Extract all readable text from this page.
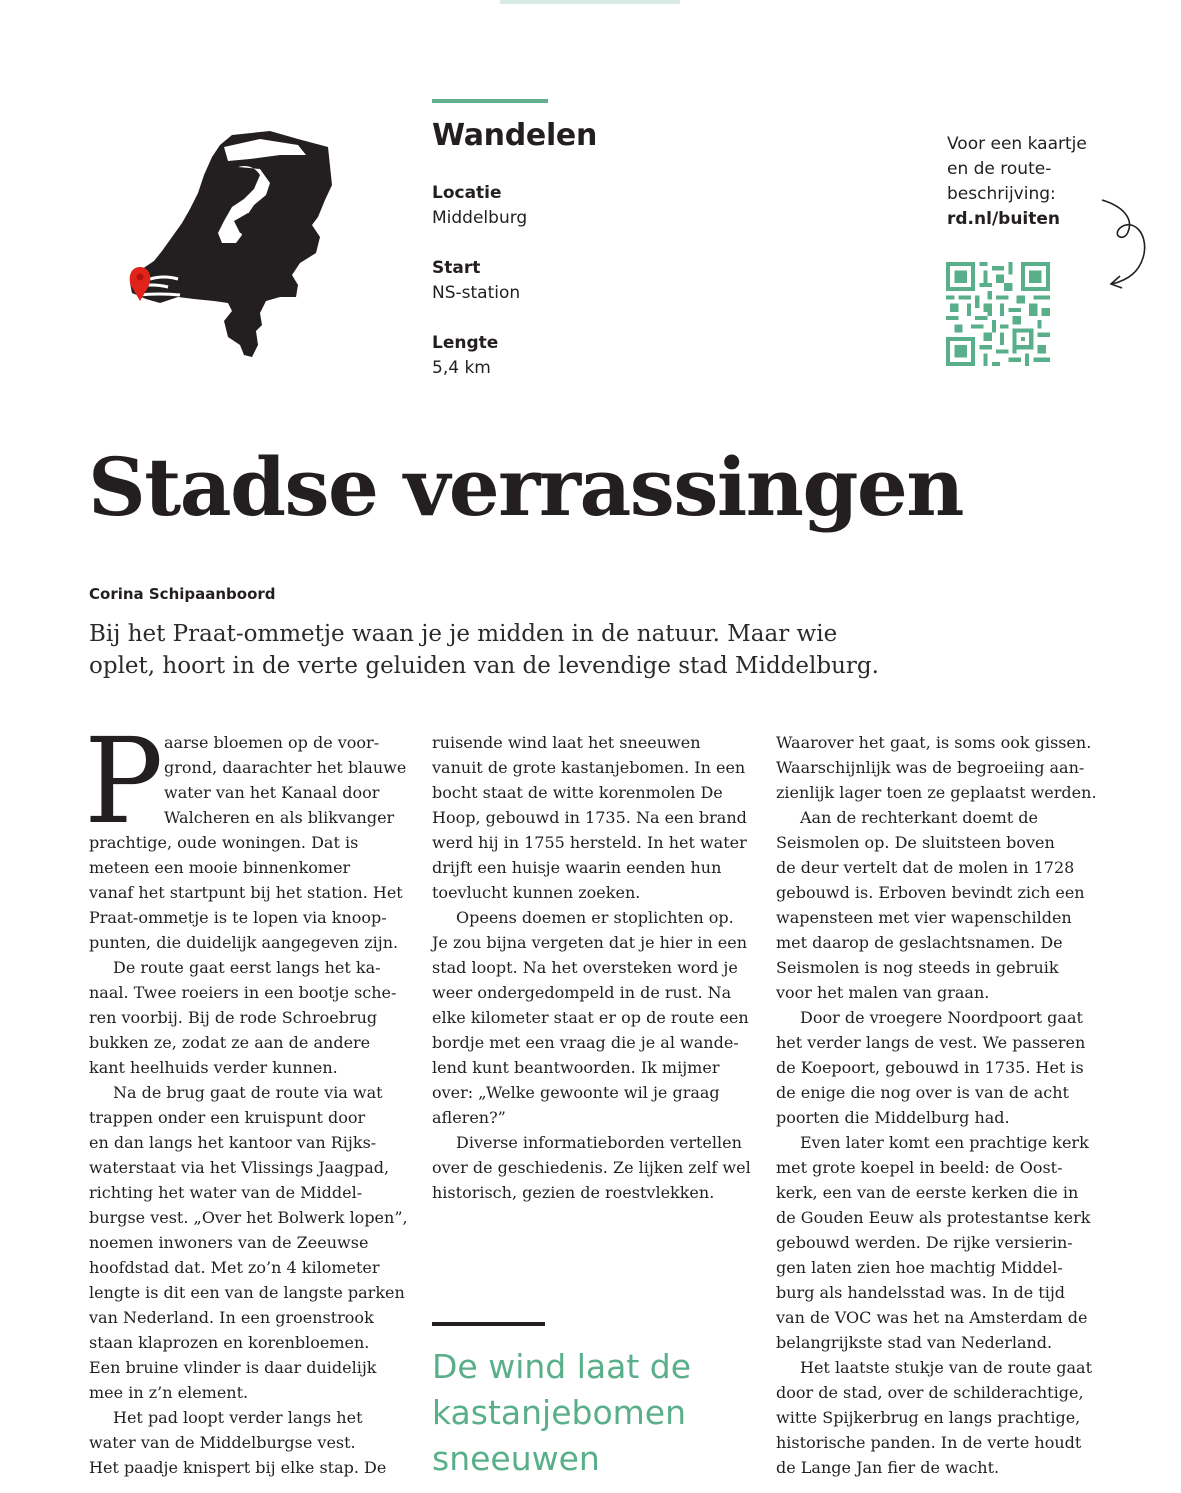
Wandelen
Locatie
Middelburg
Start
NS-station
Lengte
5,4 km
Voor een kaartje
en de route-
beschrijving:
rd.nl/buiten
Stadse verrassingen
Corina Schipaanboord
Bij het Praat-ommetje waan je je midden in de natuur. Maar wie
oplet, hoort in de verte geluiden van de levendige stad Middelburg.
P aarse bloemen op de voor-
grond, daarachter het blauwe
water van het Kanaal door
Walcheren en als blikvanger
prachtige, oude woningen. Dat is
meteen een mooie binnenkomer
vanaf het startpunt bij het station. Het
Praat-ommetje is te lopen via knoop-
punten, die duidelijk aangegeven zijn.
De route gaat eerst langs het ka-
naal. Twee roeiers in een bootje sche-
ren voorbij. Bij de rode Schroebrug
bukken ze, zodat ze aan de andere
kant heelhuids verder kunnen.
Na de brug gaat de route via wat
trappen onder een kruispunt door
en dan langs het kantoor van Rijks-
waterstaat via het Vlissings Jaagpad,
richting het water van de Middel-
burgse vest. „Over het Bolwerk lopen”,
noemen inwoners van de Zeeuwse
hoofdstad dat. Met zo’n 4 kilometer
lengte is dit een van de langste parken
van Nederland. In een groenstrook
staan klaprozen en korenbloemen.
Een bruine vlinder is daar duidelijk
mee in z’n element.
Het pad loopt verder langs het
water van de Middelburgse vest.
Het paadje knispert bij elke stap. De
ruisende wind laat het sneeuwen
vanuit de grote kastanjebomen. In een
bocht staat de witte korenmolen De
Hoop, gebouwd in 1735. Na een brand
werd hij in 1755 hersteld. In het water
drijft een huisje waarin eenden hun
toevlucht kunnen zoeken.
Opeens doemen er stoplichten op.
Je zou bijna vergeten dat je hier in een
stad loopt. Na het oversteken word je
weer ondergedompeld in de rust. Na
elke kilometer staat er op de route een
bordje met een vraag die je al wande-
lend kunt beantwoorden. Ik mijmer
over: „Welke gewoonte wil je graag
afleren?”
Diverse informatieborden vertellen
over de geschiedenis. Ze lijken zelf wel
historisch, gezien de roestvlekken.
De wind laat de
kastanjebomen
sneeuwen
Waarover het gaat, is soms ook gissen.
Waarschijnlijk was de begroeiing aan-
zienlijk lager toen ze geplaatst werden.
Aan de rechterkant doemt de
Seismolen op. De sluitsteen boven
de deur vertelt dat de molen in 1728
gebouwd is. Erboven bevindt zich een
wapensteen met vier wapenschilden
met daarop de geslachtsnamen. De
Seismolen is nog steeds in gebruik
voor het malen van graan.
Door de vroegere Noordpoort gaat
het verder langs de vest. We passeren
de Koepoort, gebouwd in 1735. Het is
de enige die nog over is van de acht
poorten die Middelburg had.
Even later komt een prachtige kerk
met grote koepel in beeld: de Oost-
kerk, een van de eerste kerken die in
de Gouden Eeuw als protestantse kerk
gebouwd werden. De rijke versierin-
gen laten zien hoe machtig Middel-
burg als handelsstad was. In de tijd
van de VOC was het na Amsterdam de
belangrijkste stad van Nederland.
Het laatste stukje van de route gaat
door de stad, over de schilderachtige,
witte Spijkerbrug en langs prachtige,
historische panden. In de verte houdt
de Lange Jan fier de wacht.
